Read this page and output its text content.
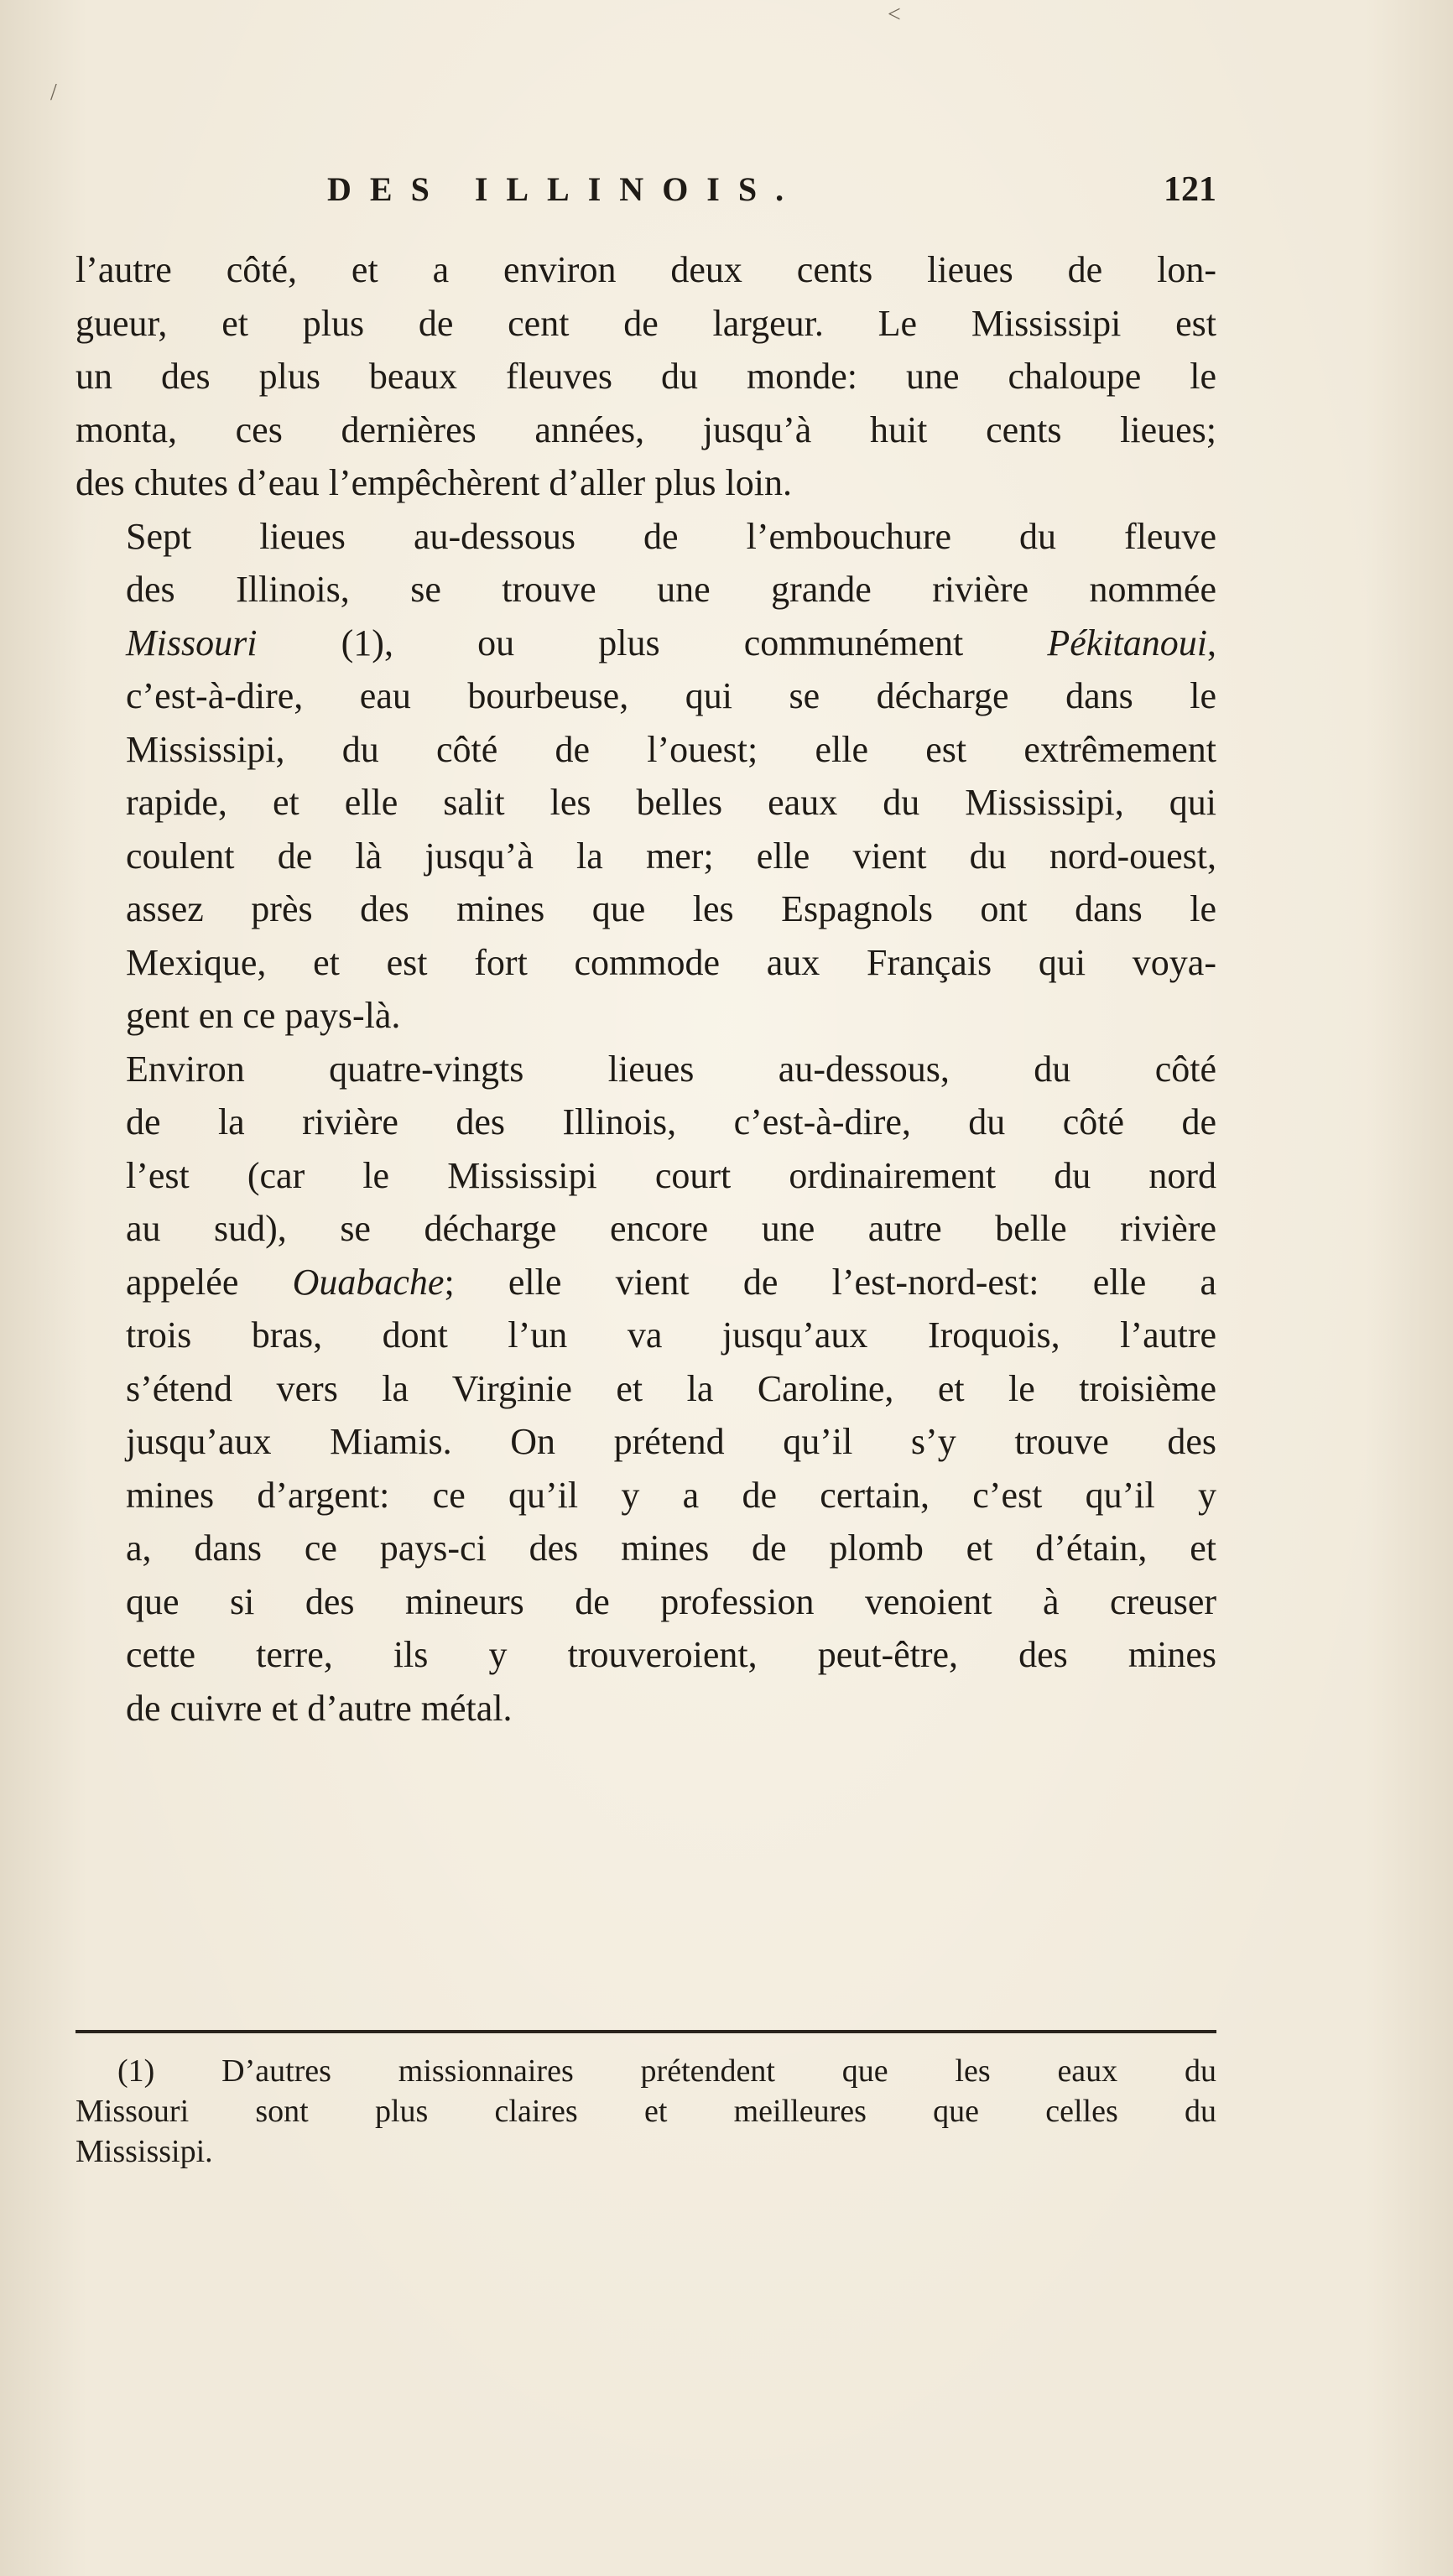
/
<
DES ILLINOIS.	121

l’autre côté, et a environ deux cents lieues de lon-
gueur, et plus de cent de largeur. Le Mississipi est
un des plus beaux fleuves du monde: une chaloupe le
monta, ces dernières années, jusqu’à huit cents lieues;
des chutes d’eau l’empêchèrent d’aller plus loin.

Sept lieues au-dessous de l’embouchure du fleuve
des Illinois, se trouve une grande rivière nommée
Missouri (1), ou plus communément Pékitanoui,
c’est-à-dire, eau bourbeuse, qui se décharge dans le
Mississipi, du côté de l’ouest; elle est extrêmement
rapide, et elle salit les belles eaux du Mississipi, qui
coulent de là jusqu’à la mer; elle vient du nord-ouest,
assez près des mines que les Espagnols ont dans le
Mexique, et est fort commode aux Français qui voya-
gent en ce pays-là.

Environ quatre-vingts lieues au-dessous, du côté
de la rivière des Illinois, c’est-à-dire, du côté de
l’est (car le Mississipi court ordinairement du nord
au sud), se décharge encore une autre belle rivière
appelée Ouabache; elle vient de l’est-nord-est: elle a
trois bras, dont l’un va jusqu’aux Iroquois, l’autre
s’étend vers la Virginie et la Caroline, et le troisième
jusqu’aux Miamis. On prétend qu’il s’y trouve des
mines d’argent: ce qu’il y a de certain, c’est qu’il y
a, dans ce pays-ci des mines de plomb et d’étain, et
que si des mineurs de profession venoient à creuser
cette terre, ils y trouveroient, peut-être, des mines
de cuivre et d’autre métal.

(1) D’autres missionnaires prétendent que les eaux du
Missouri sont plus claires et meilleures que celles du
Mississipi.
